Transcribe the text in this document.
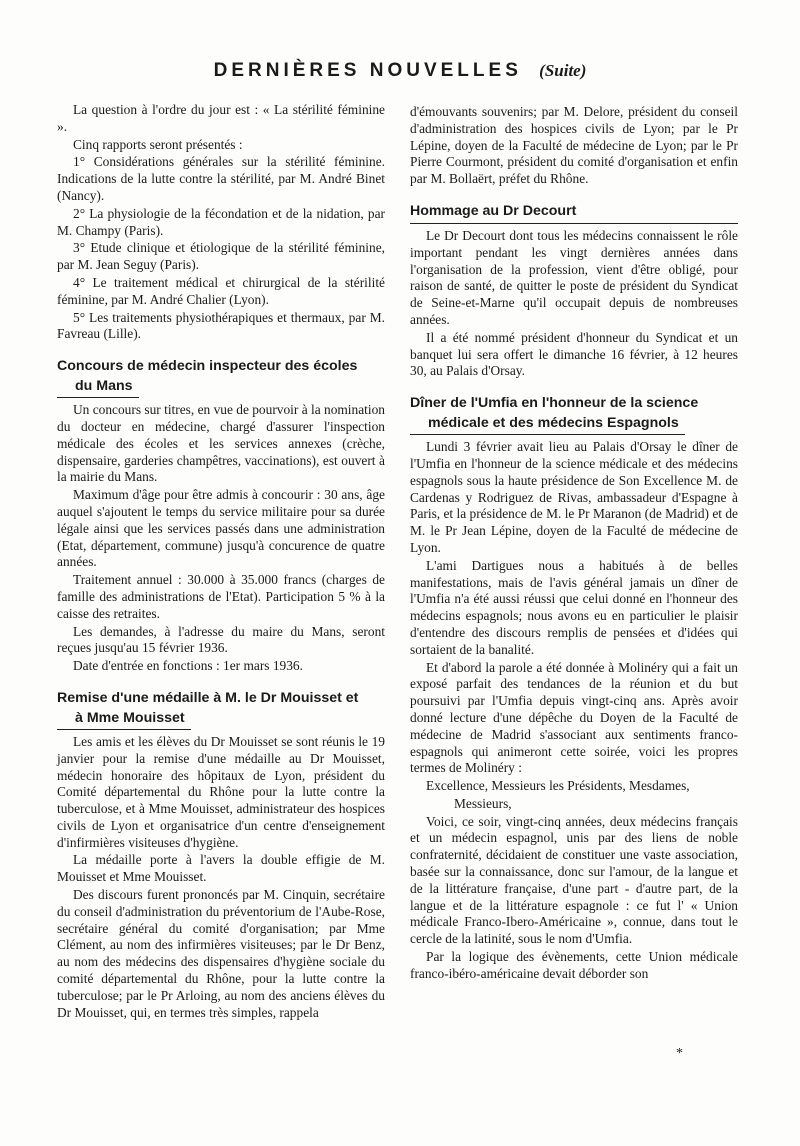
DERNIÈRES NOUVELLES (Suite)

La question à l'ordre du jour est : « La stérilité féminine ».

Cinq rapports seront présentés :

1° Considérations générales sur la stérilité féminine. Indications de la lutte contre la stérilité, par M. André Binet (Nancy).

2° La physiologie de la fécondation et de la nidation, par M. Champy (Paris).

3° Etude clinique et étiologique de la stérilité féminine, par M. Jean Seguy (Paris).

4° Le traitement médical et chirurgical de la stérilité féminine, par M. André Chalier (Lyon).

5° Les traitements physiothérapiques et thermaux, par M. Favreau (Lille).

Concours de médecin inspecteur des écoles
du Mans

Un concours sur titres, en vue de pourvoir à la nomination du docteur en médecine, chargé d'assurer l'inspection médicale des écoles et les services annexes (crèche, dispensaire, garderies champêtres, vaccinations), est ouvert à la mairie du Mans.

Maximum d'âge pour être admis à concourir : 30 ans, âge auquel s'ajoutent le temps du service militaire pour sa durée légale ainsi que les services passés dans une administration (Etat, département, commune) jusqu'à concurence de quatre années.

Traitement annuel : 30.000 à 35.000 francs (charges de famille des administrations de l'Etat). Participation 5 % à la caisse des retraites.

Les demandes, à l'adresse du maire du Mans, seront reçues jusqu'au 15 février 1936.

Date d'entrée en fonctions : 1er mars 1936.

Remise d'une médaille à M. le Dr Mouisset et
à Mme Mouisset

Les amis et les élèves du Dr Mouisset se sont réunis le 19 janvier pour la remise d'une médaille au Dr Mouisset, médecin honoraire des hôpitaux de Lyon, président du Comité départemental du Rhône pour la lutte contre la tuberculose, et à Mme Mouisset, administrateur des hospices civils de Lyon et organisatrice d'un centre d'enseignement d'infirmières visiteuses d'hygiène.

La médaille porte à l'avers la double effigie de M. Mouisset et Mme Mouisset.

Des discours furent prononcés par M. Cinquin, secrétaire du conseil d'administration du préventorium de l'Aube-Rose, secrétaire général du comité d'organisation; par Mme Clément, au nom des infirmières visiteuses; par le Dr Benz, au nom des médecins des dispensaires d'hygiène sociale du comité départemental du Rhône, pour la lutte contre la tuberculose; par le Pr Arloing, au nom des anciens élèves du Dr Mouisset, qui, en termes très simples, rappela

d'émouvants souvenirs; par M. Delore, président du conseil d'administration des hospices civils de Lyon; par le Pr Lépine, doyen de la Faculté de médecine de Lyon; par le Pr Pierre Courmont, président du comité d'organisation et enfin par M. Bollaërt, préfet du Rhône.

Hommage au Dr Decourt

Le Dr Decourt dont tous les médecins connaissent le rôle important pendant les vingt dernières années dans l'organisation de la profession, vient d'être obligé, pour raison de santé, de quitter le poste de président du Syndicat de Seine-et-Marne qu'il occupait depuis de nombreuses années.

Il a été nommé président d'honneur du Syndicat et un banquet lui sera offert le dimanche 16 février, à 12 heures 30, au Palais d'Orsay.

Dîner de l'Umfia en l'honneur de la science
médicale et des médecins Espagnols

Lundi 3 février avait lieu au Palais d'Orsay le dîner de l'Umfia en l'honneur de la science médicale et des médecins espagnols sous la haute présidence de Son Excellence M. de Cardenas y Rodriguez de Rivas, ambassadeur d'Espagne à Paris, et la présidence de M. le Pr Maranon (de Madrid) et de M. le Pr Jean Lépine, doyen de la Faculté de médecine de Lyon.

L'ami Dartigues nous a habitués à de belles manifestations, mais de l'avis général jamais un dîner de l'Umfia n'a été aussi réussi que celui donné en l'honneur des médecins espagnols; nous avons eu en particulier le plaisir d'entendre des discours remplis de pensées et d'idées qui sortaient de la banalité.

Et d'abord la parole a été donnée à Molinéry qui a fait un exposé parfait des tendances de la réunion et du but poursuivi par l'Umfia depuis vingt-cinq ans. Après avoir donné lecture d'une dépêche du Doyen de la Faculté de médecine de Madrid s'associant aux sentiments franco-espagnols qui animeront cette soirée, voici les propres termes de Molinéry :

Excellence, Messieurs les Présidents, Mesdames,

Messieurs,

Voici, ce soir, vingt-cinq années, deux médecins français et un médecin espagnol, unis par des liens de noble confraternité, décidaient de constituer une vaste association, basée sur la connaissance, donc sur l'amour, de la langue et de la littérature française, d'une part - d'autre part, de la langue et de la littérature espagnole : ce fut l' « Union médicale Franco-Ibero-Américaine », connue, dans tout le cercle de la latinité, sous le nom d'Umfia.

Par la logique des évènements, cette Union médicale franco-ibéro-américaine devait déborder son

*
